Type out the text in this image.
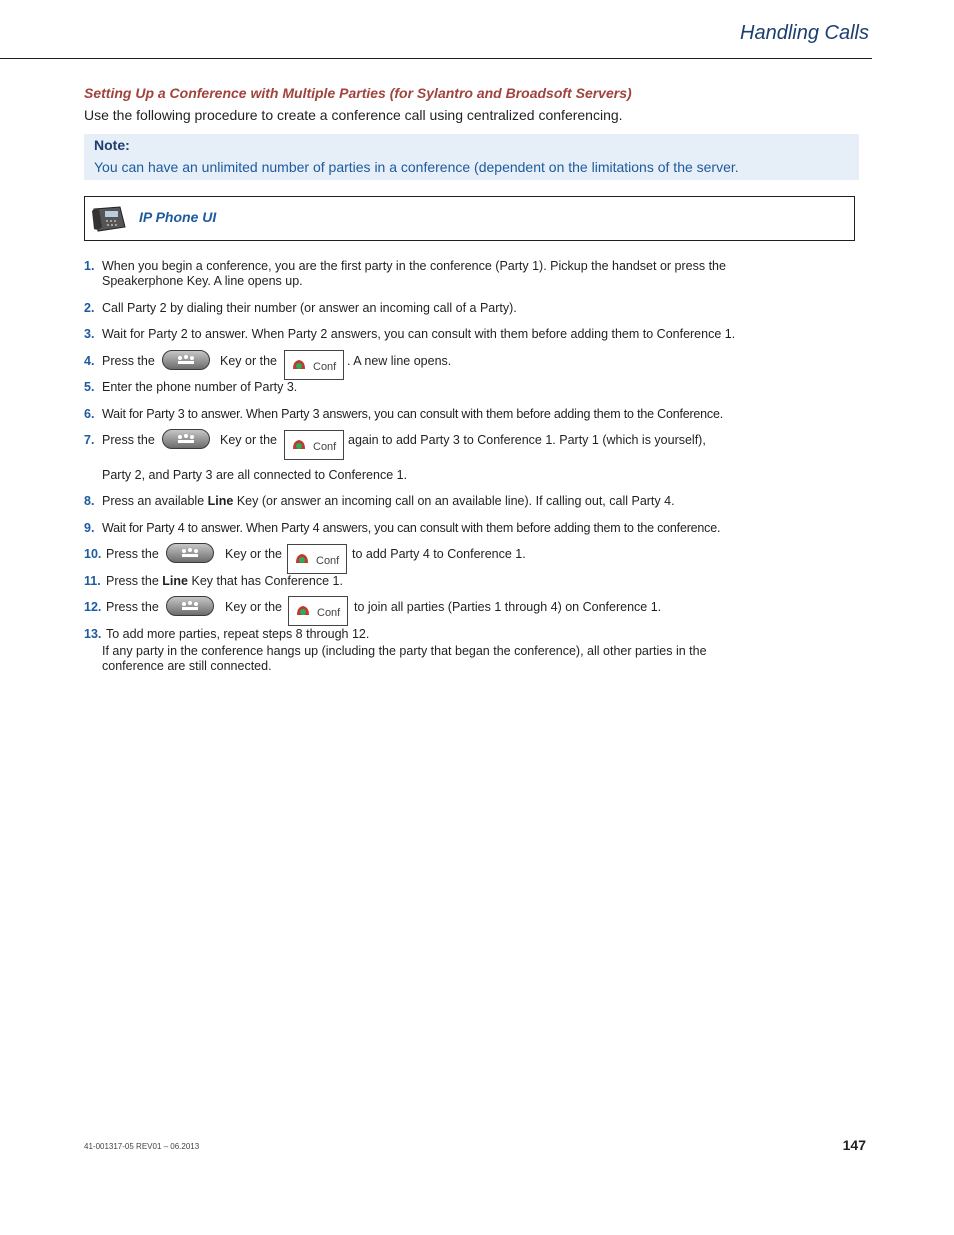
Handling Calls
Setting Up a Conference with Multiple Parties (for Sylantro and Broadsoft Servers)
Use the following procedure to create a conference call using centralized conferencing.
Note:
You can have an unlimited number of parties in a conference (dependent on the limitations of the server.
IP Phone UI
1. When you begin a conference, you are the first party in the conference (Party 1). Pickup the handset or press the
Speakerphone Key. A line opens up.
2. Call Party 2 by dialing their number (or answer an incoming call of a Party).
3. Wait for Party 2 to answer. When Party 2 answers, you can consult with them before adding them to Conference 1.
4. Press the	Key or the	Conf . A new line opens.
5. Enter the phone number of Party 3.
6. Wait for Party 3 to answer. When Party 3 answers, you can consult with them before adding them to the Conference.
7. Press the	Key or the	Conf again to add Party 3 to Conference 1. Party 1 (which is yourself),
Party 2, and Party 3 are all connected to Conference 1.
8. Press an available Line Key (or answer an incoming call on an available line). If calling out, call Party 4.
9. Wait for Party 4 to answer. When Party 4 answers, you can consult with them before adding them to the conference.
10. Press the	Key or the	Conf to add Party 4 to Conference 1.
11. Press the Line Key that has Conference 1.
12. Press the	Key or the	Conf to join all parties (Parties 1 through 4) on Conference 1.
13. To add more parties, repeat steps 8 through 12.
If any party in the conference hangs up (including the party that began the conference), all other parties in the
conference are still connected.
41-001317-05 REV01 – 06.2013	147
